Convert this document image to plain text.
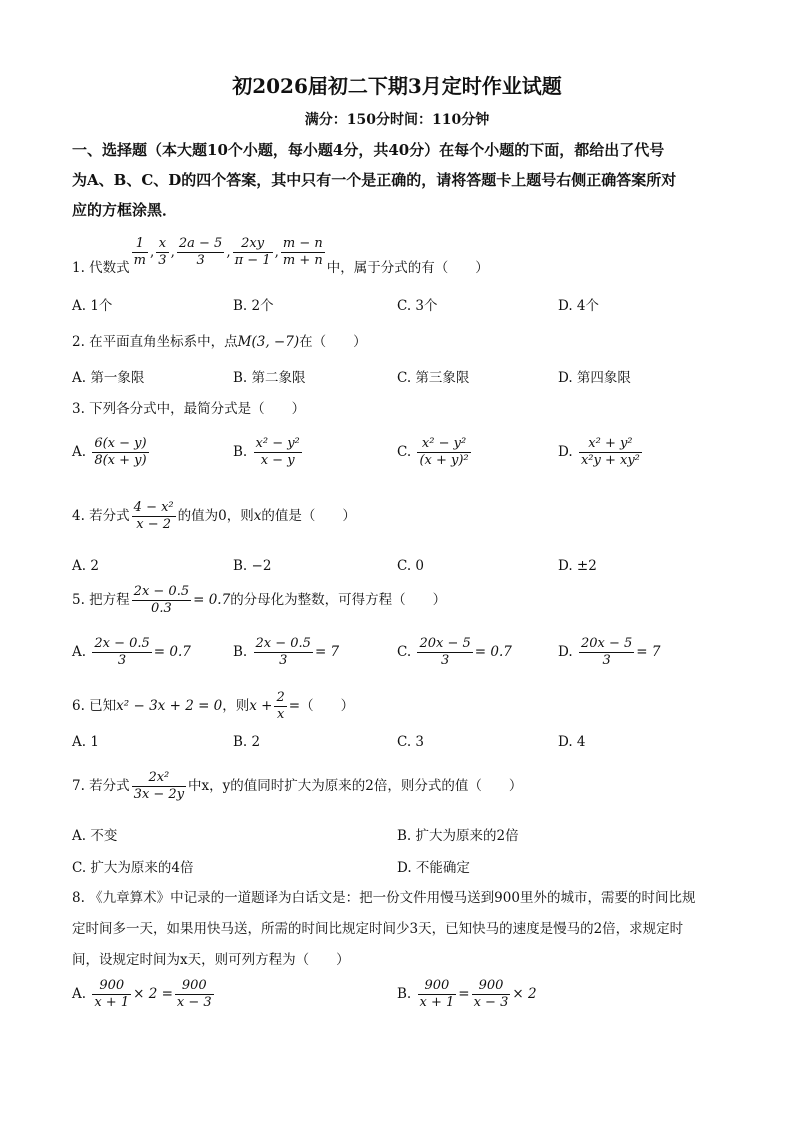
初2026届初二下期3月定时作业试题
满分：150分时间：110分钟
一、选择题（本大题10个小题，每小题4分，共40分）在每个小题的下面，都给出了代号
为A、B、C、D的四个答案，其中只有一个是正确的，请将答题卡上题号右侧正确答案所对
应的方框涂黑．
1. 代数式 $\frac{1}{m}$ , $\frac{x}{3}$ , $\frac{2a - 5}{3}$ , $\frac{2xy}{\pi - 1}$ , $\frac{m - n}{m + n}$ 中，属于分式的有（　　）
A. 1个	B. 2个	C. 3个	D. 4个
2. 在平面直角坐标系中，点M(3, −7)在（　　）
A. 第一象限	B. 第二象限	C. 第三象限	D. 第四象限
3. 下列各分式中，最简分式是（　　）
A. $\frac{6(x - y)}{8(x + y)}$	B. $\frac{\text{x² − y²}}{x - y}$	C. $\frac{\text{x² − y²}}{\text{(x + y)²}}$	D. $\frac{\text{x² + y²}}{\text{x²y + xy²}}$
4. 若分式 $\frac{\text{4 − x²}}{x - 2}$ 的值为0，则x的值是（　　）
A. 2	B. −2	C. 0	D. ±2
5. 把方程 $\frac{2x - 0.5}{0.3} = 0.7$的分母化为整数，可得方程（　　）
A. $\frac{2x - 0.5}{3} = 0.7$	B. $\frac{2x - 0.5}{3} = 7$	C. $\frac{20x - 5}{3} = 0.7$	D. $\frac{20x - 5}{3} = 7$
6. 已知x² − 3x + 2 = 0，则$x + \frac{2}{x}$ =（　　）
A. 1	B. 2	C. 3	D. 4
7. 若分式 $\frac{\text{2x²}}{3x - 2y}$ 中x，y的值同时扩大为原来的2倍，则分式的值（　　）
A. 不变	B. 扩大为原来的2倍
C. 扩大为原来的4倍	D. 不能确定
8. 《九章算术》中记录的一道题译为白话文是：把一份文件用慢马送到900里外的城市，需要的时间比规
定时间多一天，如果用快马送，所需的时间比规定时间少3天，已知快马的速度是慢马的2倍，求规定时
间，设规定时间为x天，则可列方程为（　　）
A. $\frac{900}{x + 1} \times 2 = \frac{900}{x - 3}$	B. $\frac{900}{x + 1} = \frac{900}{x - 3} \times 2$
